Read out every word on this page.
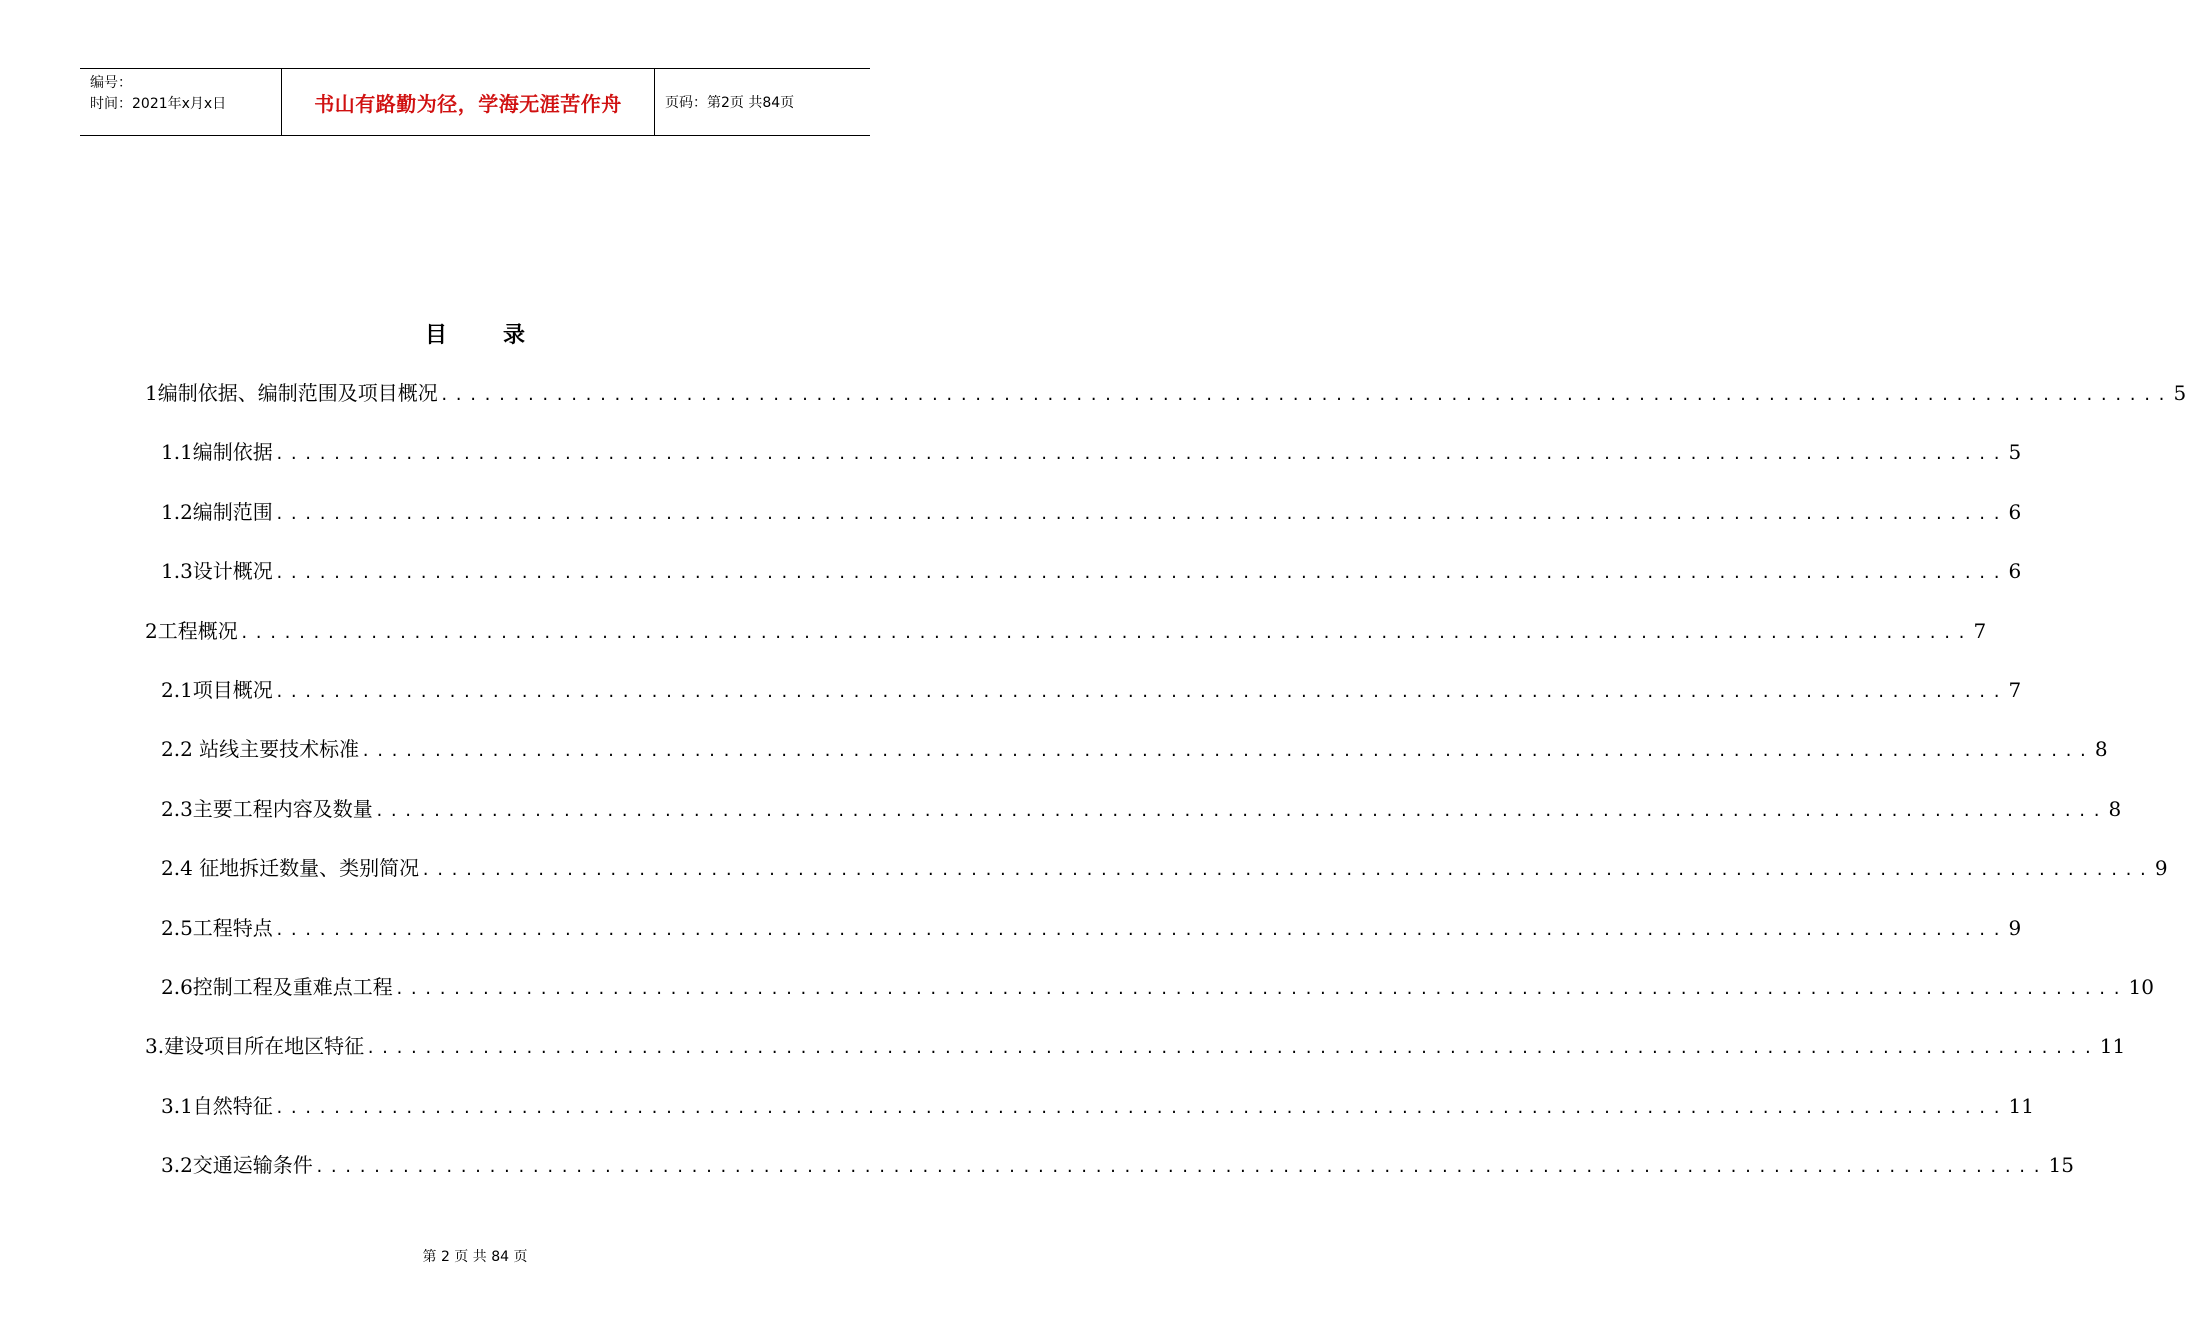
编号：
时间：2021年x月x日	书山有路勤为径，学海无涯苦作舟	页码：第2页 共84页
目	录
1编制依据、编制范围及项目概况 ........................................................................................................................ 5
1.1编制依据 ........................................................................................................................ 5
1.2编制范围 ........................................................................................................................ 6
1.3设计概况 ........................................................................................................................ 6
2工程概况 ........................................................................................................................ 7
2.1项目概况 ........................................................................................................................ 7
2.2 站线主要技术标准 ........................................................................................................................ 8
2.3主要工程内容及数量 ........................................................................................................................ 8
2.4 征地拆迁数量、类别简况 ........................................................................................................................ 9
2.5工程特点 ........................................................................................................................ 9
2.6控制工程及重难点工程 ........................................................................................................................ 10
3.建设项目所在地区特征 ........................................................................................................................ 11
3.1自然特征 ........................................................................................................................ 11
3.2交通运输条件 ........................................................................................................................ 15
第 2 页 共 84 页
